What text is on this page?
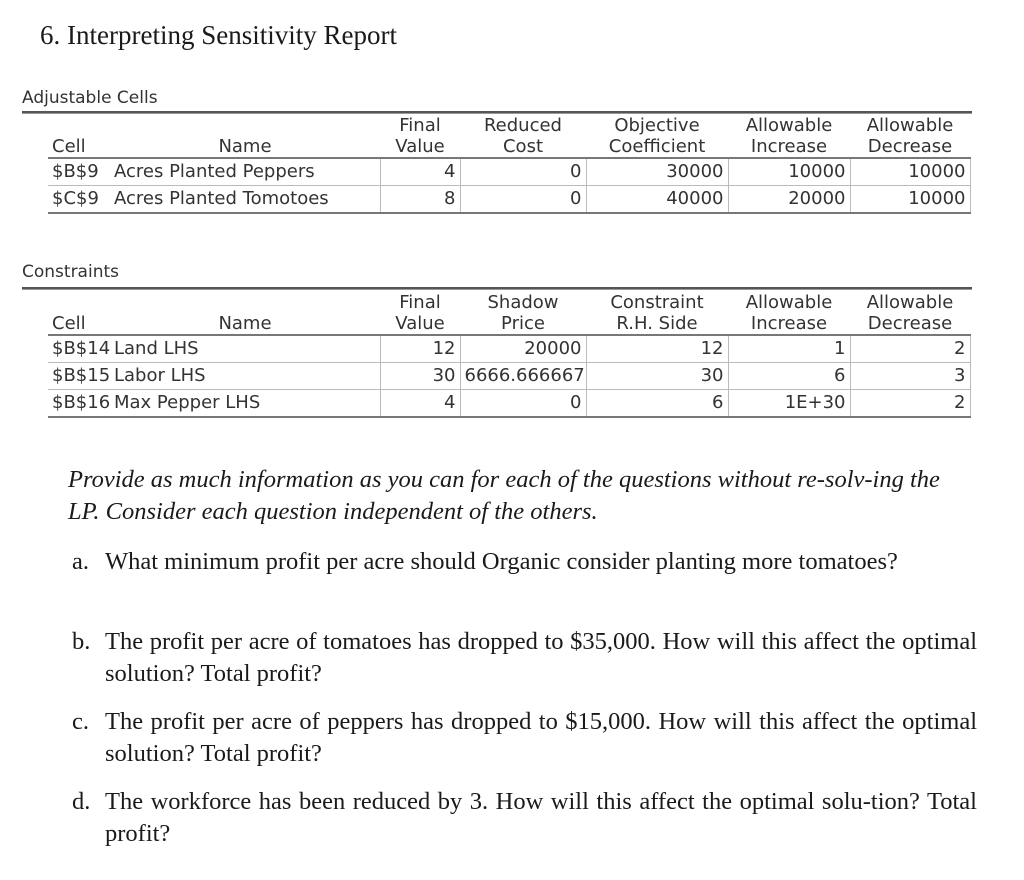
6. Interpreting Sensitivity Report
Adjustable Cells
		Final	Reduced	Objective	Allowable	Allowable
Cell	Name	Value	Cost	Coefficient	Increase	Decrease
$B$9	Acres Planted Peppers	4	0	30000	10000	10000
$C$9	Acres Planted Tomotoes	8	0	40000	20000	10000
Constraints
		Final	Shadow	Constraint	Allowable	Allowable
Cell	Name	Value	Price	R.H. Side	Increase	Decrease
$B$14	Land LHS	12	20000	12	1	2
$B$15	Labor LHS	30	6666.666667	30	6	3
$B$16	Max Pepper LHS	4	0	6	1E+30	2
Provide as much information as you can for each of the questions without re-solv-ing the LP. Consider each question independent of the others.
a. What minimum profit per acre should Organic consider planting more tomatoes?
b. The profit per acre of tomatoes has dropped to $35,000. How will this affect the optimal solution? Total profit?
c. The profit per acre of peppers has dropped to $15,000. How will this affect the optimal solution? Total profit?
d. The workforce has been reduced by 3. How will this affect the optimal solu-tion? Total profit?
